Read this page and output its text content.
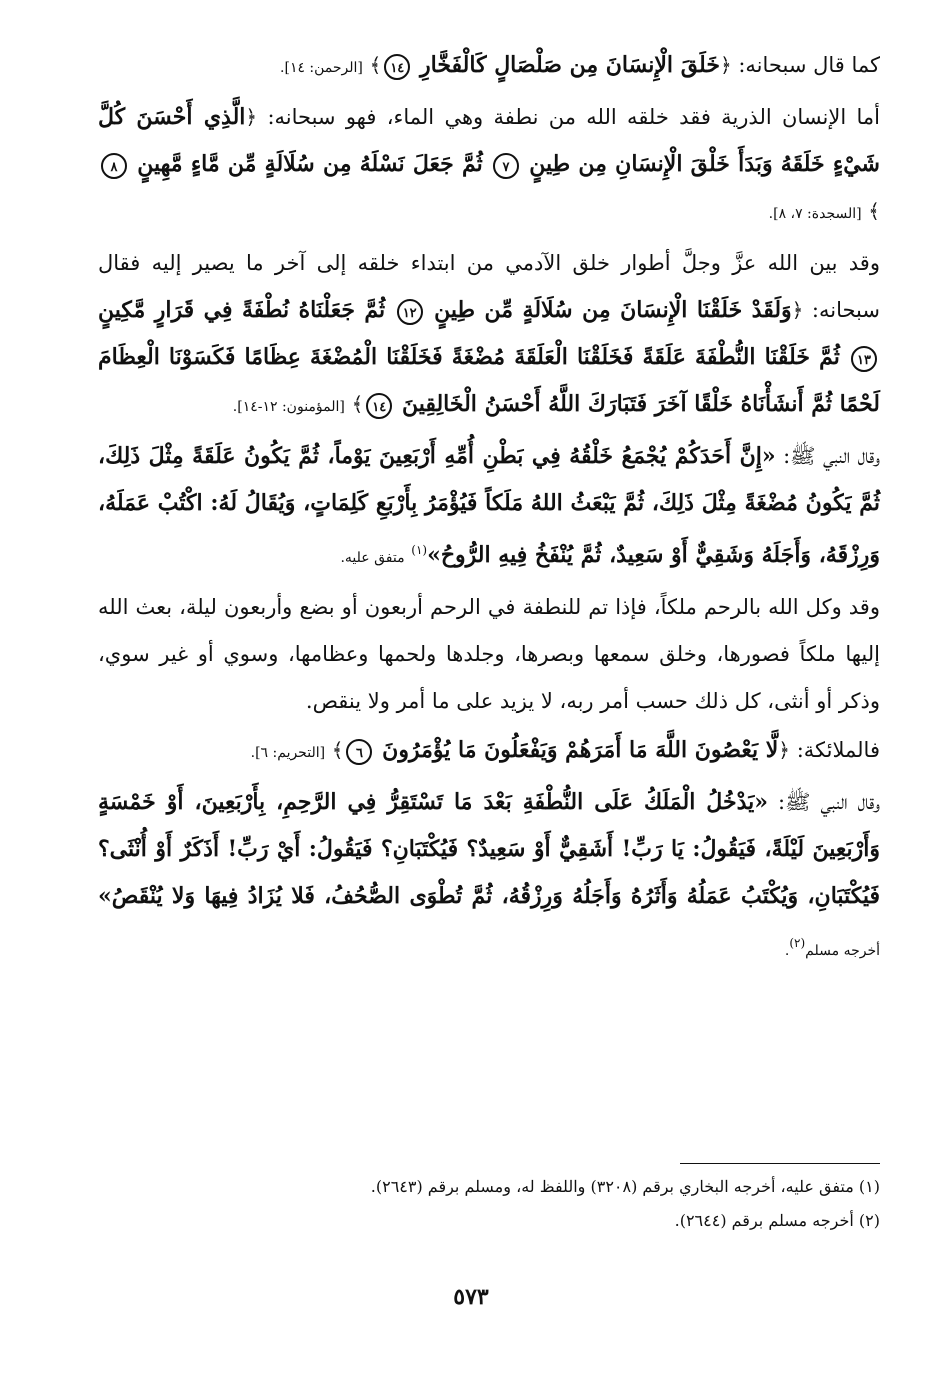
كما قال سبحانه: ﴿خَلَقَ الْإِنسَانَ مِن صَلْصَالٍ كَالْفَخَّارِ ١٤﴾ [الرحمن: ١٤].

أما الإنسان الذرية فقد خلقه الله من نطفة وهي الماء، فهو سبحانه: ﴿الَّذِي أَحْسَنَ كُلَّ شَيْءٍ خَلَقَهُ وَبَدَأَ خَلْقَ الْإِنسَانِ مِن طِينٍ ٧ ثُمَّ جَعَلَ نَسْلَهُ مِن سُلَالَةٍ مِّن مَّاءٍ مَّهِينٍ ٨﴾ [السجدة: ٧، ٨].

وقد بين الله عزَّ وجلَّ أطوار خلق الآدمي من ابتداء خلقه إلى آخر ما يصير إليه فقال سبحانه: ﴿وَلَقَدْ خَلَقْنَا الْإِنسَانَ مِن سُلَالَةٍ مِّن طِينٍ ١٢ ثُمَّ جَعَلْنَاهُ نُطْفَةً فِي قَرَارٍ مَّكِينٍ ١٣ ثُمَّ خَلَقْنَا النُّطْفَةَ عَلَقَةً فَخَلَقْنَا الْعَلَقَةَ مُضْغَةً فَخَلَقْنَا الْمُضْغَةَ عِظَامًا فَكَسَوْنَا الْعِظَامَ لَحْمًا ثُمَّ أَنشَأْنَاهُ خَلْقًا آخَرَ فَتَبَارَكَ اللَّهُ أَحْسَنُ الْخَالِقِينَ ١٤﴾ [المؤمنون: ١٢-١٤].

وقال النبي ﷺ: «إِنَّ أَحَدَكُمْ يُجْمَعُ خَلْقُهُ فِي بَطْنِ أُمِّهِ أَرْبَعِينَ يَوْماً، ثُمَّ يَكُونُ عَلَقَةً مِثْلَ ذَلِكَ، ثُمَّ يَكُونُ مُضْغَةً مِثْلَ ذَلِكَ، ثُمَّ يَبْعَثُ اللهُ مَلَكاً فَيُؤْمَرُ بِأَرْبَعِ كَلِمَاتٍ، وَيُقَالُ لَهُ: اكْتُبْ عَمَلَهُ، وَرِزْقَهُ، وَأَجَلَهُ وَشَقِيٌّ أَوْ سَعِيدٌ، ثُمَّ يُنْفَخُ فِيهِ الرُّوحُ»$^{(١)}$ متفق عليه.

وقد وكل الله بالرحم ملكاً، فإذا تم للنطفة في الرحم أربعون أو بضع وأربعون ليلة، بعث الله إليها ملكاً فصورها، وخلق سمعها وبصرها، وجلدها ولحمها وعظامها، وسوي أو غير سوي، وذكر أو أنثى، كل ذلك حسب أمر ربه، لا يزيد على ما أمر ولا ينقص.

فالملائكة: ﴿لَّا يَعْصُونَ اللَّهَ مَا أَمَرَهُمْ وَيَفْعَلُونَ مَا يُؤْمَرُونَ ٦﴾ [التحريم: ٦].

وقال النبي ﷺ: «يَدْخُلُ الْمَلَكُ عَلَى النُّطْفَةِ بَعْدَ مَا تَسْتَقِرُّ فِي الرَّحِمِ، بِأَرْبَعِينَ، أَوْ خَمْسَةٍ وَأَرْبَعِينَ لَيْلَةً، فَيَقُولُ: يَا رَبِّ! أَشَقِيٌّ أَوْ سَعِيدٌ؟ فَيُكْتَبَانِ؟ فَيَقُولُ: أَيْ رَبِّ! أَذَكَرٌ أَوْ أُنْثَى؟ فَيُكْتَبَانِ، وَيُكْتَبُ عَمَلُهُ وَأَثَرُهُ وَأَجَلُهُ وَرِزْقُهُ، ثُمَّ تُطْوَى الصُّحُفُ، فَلا يُزَادُ فِيهَا وَلا يُنْقَصُ» أخرجه مسلم$^{(٢)}$.

(١) متفق عليه، أخرجه البخاري برقم (٣٢٠٨) واللفظ له، ومسلم برقم (٢٦٤٣).

(٢) أخرجه مسلم برقم (٢٦٤٤).

٥٧٣
